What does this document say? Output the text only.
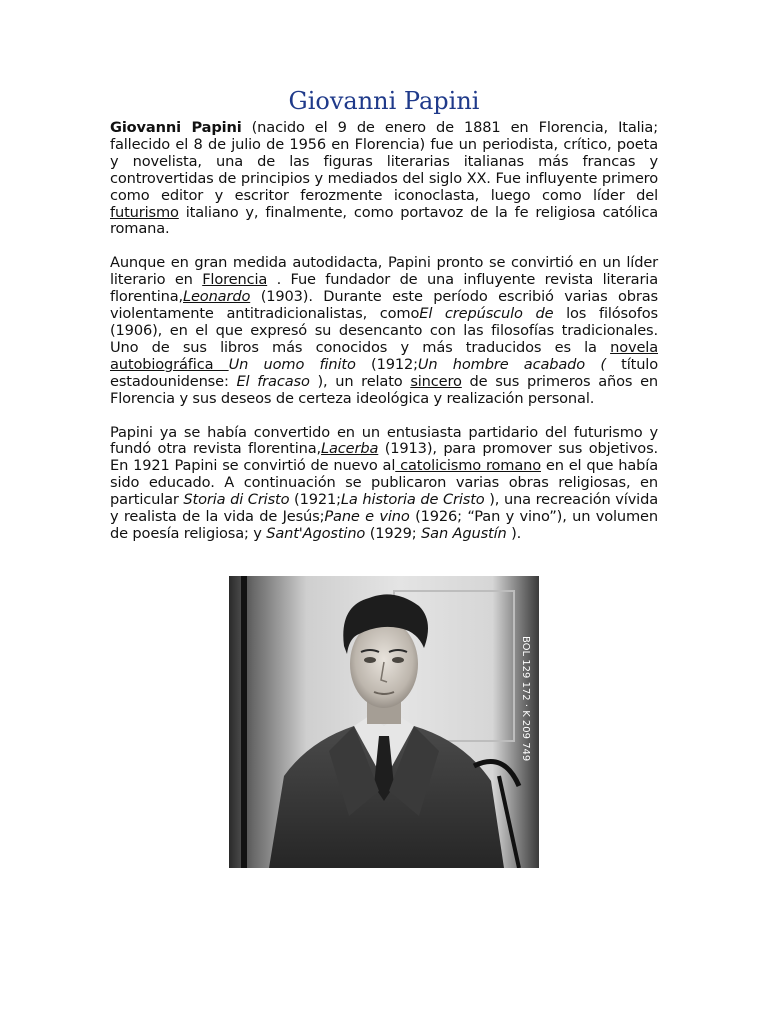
Giovanni Papini

Giovanni Papini (nacido el 9 de enero de 1881 en Florencia, Italia; fallecido el 8 de julio de 1956 en Florencia) fue un periodista, crítico, poeta y novelista, una de las figuras literarias italianas más francas y controvertidas de principios y mediados del siglo XX. Fue influyente primero como editor y escritor ferozmente iconoclasta, luego como líder del futurismo italiano y, finalmente, como portavoz de la fe religiosa católica romana.

Aunque en gran medida autodidacta, Papini pronto se convirtió en un líder literario en Florencia . Fue fundador de una influyente revista literaria florentina,Leonardo (1903). Durante este período escribió varias obras violentamente antitradicionalistas, comoEl crepúsculo de los filósofos (1906), en el que expresó su desencanto con las filosofías tradicionales. Uno de sus libros más conocidos y más traducidos es la novela autobiográfica Un uomo finito (1912;Un hombre acabado ( título estadounidense: El fracaso ), un relato sincero de sus primeros años en Florencia y sus deseos de certeza ideológica y realización personal.

Papini ya se había convertido en un entusiasta partidario del futurismo y fundó otra revista florentina,Lacerba (1913), para promover sus objetivos. En 1921 Papini se convirtió de nuevo al catolicismo romano en el que había sido educado. A continuación se publicaron varias obras religiosas, en particular Storia di Cristo (1921;La historia de Cristo ), una recreación vívida y realista de la vida de Jesús;Pane e vino (1926; “Pan y vino”), un volumen de poesía religiosa; y Sant'Agostino (1929; San Agustín ).

BOL 129 172 · K 209 749
